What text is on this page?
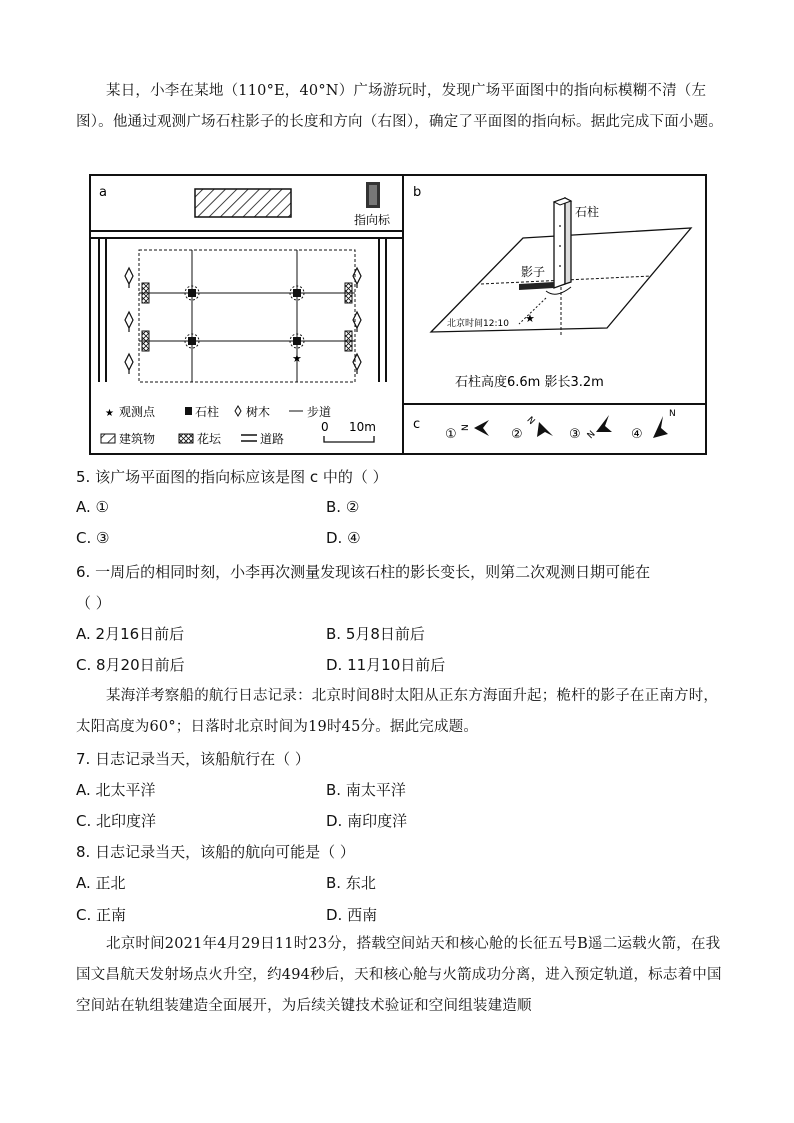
某日，小李在某地（110°E，40°N）广场游玩时，发现广场平面图中的指向标模糊不清（左图）。他通过观测广场石柱影子的长度和方向（右图），确定了平面图的指向标。据此完成下面小题。
a
指向标
★
★ 观测点	石柱 树木	步道
建筑物	花坛	道路
0 10m
b
石柱
影子
★
北京时间12:10
石柱高度6.6m 影长3.2m
c
① N	②
N
③ N	④
N
5. 该广场平面图的指向标应该是图 c 中的（ ）
A. ①	B. ②
C. ③	D. ④
6. 一周后的相同时刻，小李再次测量发现该石柱的影长变长，则第二次观测日期可能在
（ ）
A. 2月16日前后	B. 5月8日前后
C. 8月20日前后	D. 11月10日前后
某海洋考察船的航行日志记录：北京时间8时太阳从正东方海面升起；桅杆的影子在正南方时，太阳高度为60°；日落时北京时间为19时45分。据此完成题。
7. 日志记录当天，该船航行在（ ）
A. 北太平洋	B. 南太平洋
C. 北印度洋	D. 南印度洋
8. 日志记录当天，该船的航向可能是（ ）
A. 正北	B. 东北
C. 正南	D. 西南
北京时间2021年4月29日11时23分，搭载空间站天和核心舱的长征五号B遥二运载火箭，在我国文昌航天发射场点火升空，约494秒后，天和核心舱与火箭成功分离，进入预定轨道，标志着中国空间站在轨组装建造全面展开，为后续关键技术验证和空间组装建造顺
